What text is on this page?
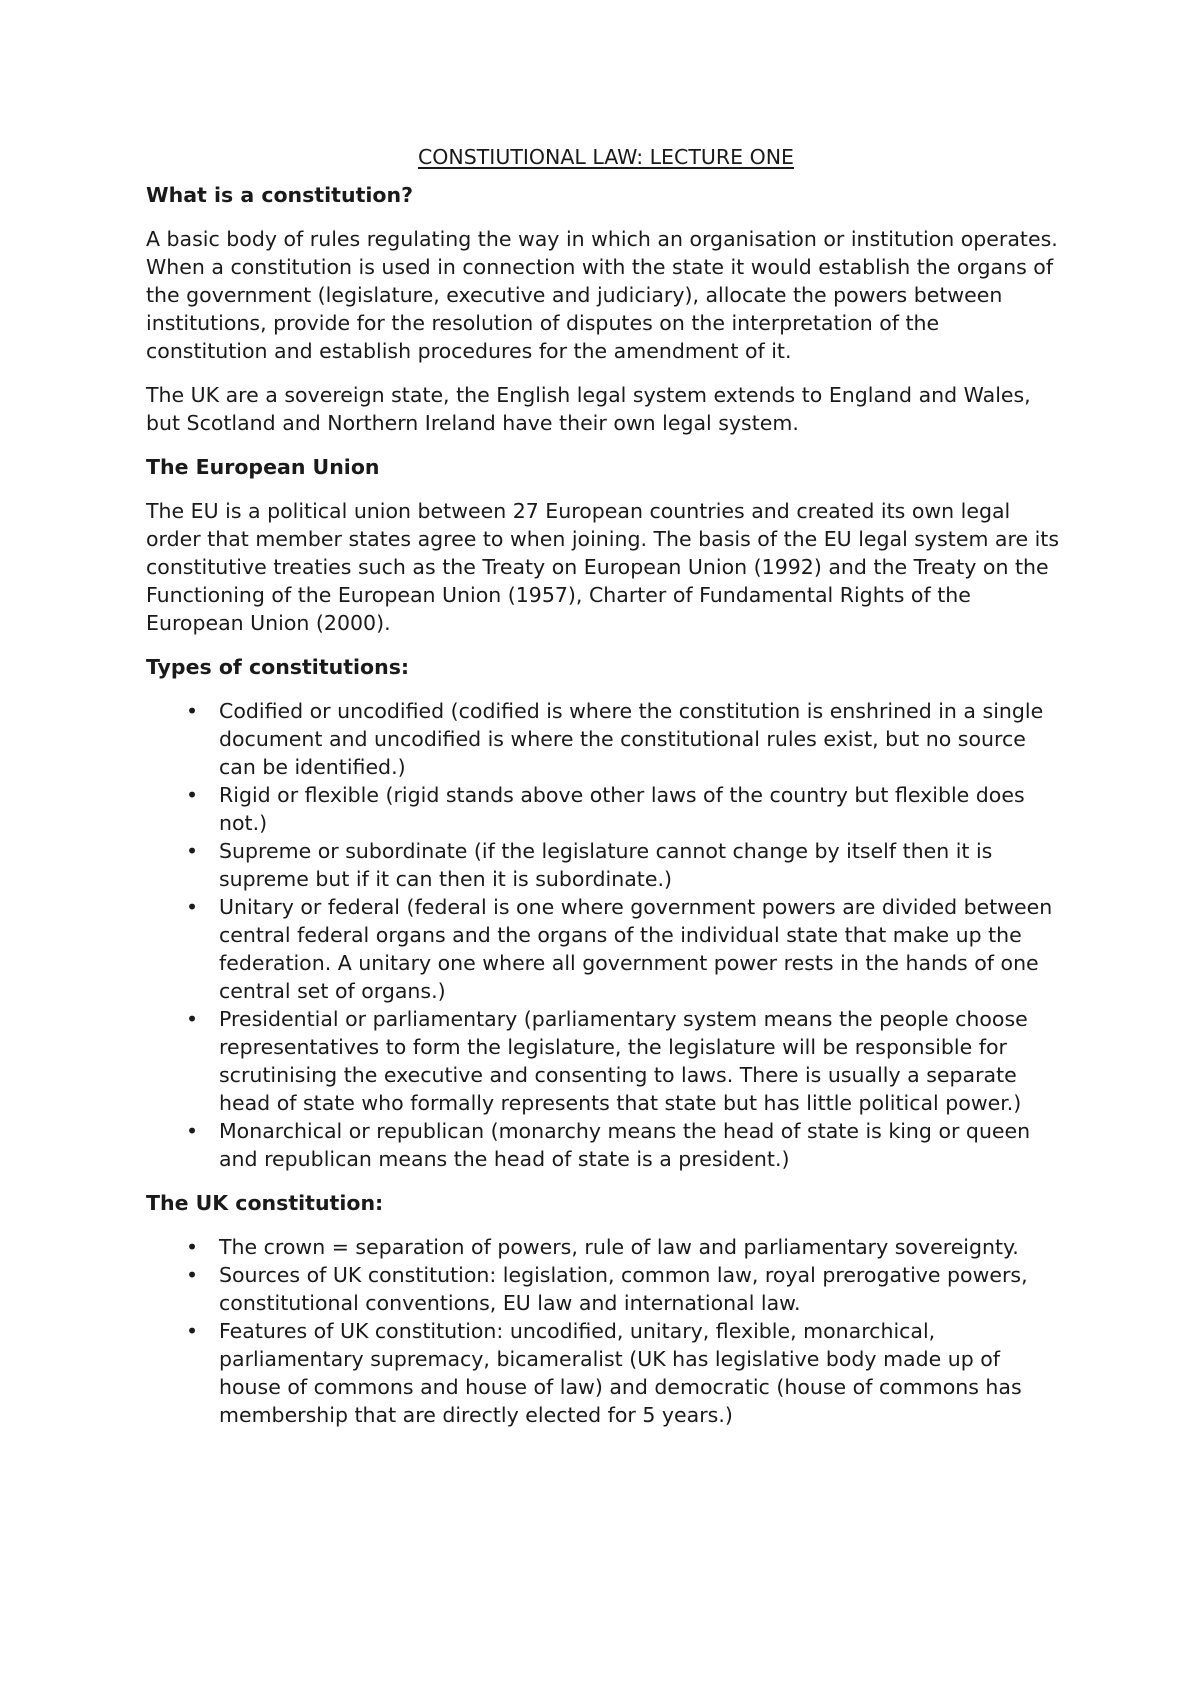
CONSTIUTIONAL LAW: LECTURE ONE
What is a constitution?

A basic body of rules regulating the way in which an organisation or institution operates. When a constitution is used in connection with the state it would establish the organs of the government (legislature, executive and judiciary), allocate the powers between institutions, provide for the resolution of disputes on the interpretation of the constitution and establish procedures for the amendment of it.

The UK are a sovereign state, the English legal system extends to England and Wales, but Scotland and Northern Ireland have their own legal system.

The European Union

The EU is a political union between 27 European countries and created its own legal order that member states agree to when joining. The basis of the EU legal system are its constitutive treaties such as the Treaty on European Union (1992) and the Treaty on the Functioning of the European Union (1957), Charter of Fundamental Rights of the European Union (2000).

Types of constitutions:
• Codified or uncodified (codified is where the constitution is enshrined in a single document and uncodified is where the constitutional rules exist, but no source can be identified.)
• Rigid or flexible (rigid stands above other laws of the country but flexible does not.)
• Supreme or subordinate (if the legislature cannot change by itself then it is supreme but if it can then it is subordinate.)
• Unitary or federal (federal is one where government powers are divided between central federal organs and the organs of the individual state that make up the federation. A unitary one where all government power rests in the hands of one central set of organs.)
• Presidential or parliamentary (parliamentary system means the people choose representatives to form the legislature, the legislature will be responsible for scrutinising the executive and consenting to laws. There is usually a separate head of state who formally represents that state but has little political power.)
• Monarchical or republican (monarchy means the head of state is king or queen and republican means the head of state is a president.)
The UK constitution:
• The crown = separation of powers, rule of law and parliamentary sovereignty.
• Sources of UK constitution: legislation, common law, royal prerogative powers, constitutional conventions, EU law and international law.
• Features of UK constitution: uncodified, unitary, flexible, monarchical, parliamentary supremacy, bicameralist (UK has legislative body made up of house of commons and house of law) and democratic (house of commons has membership that are directly elected for 5 years.)
